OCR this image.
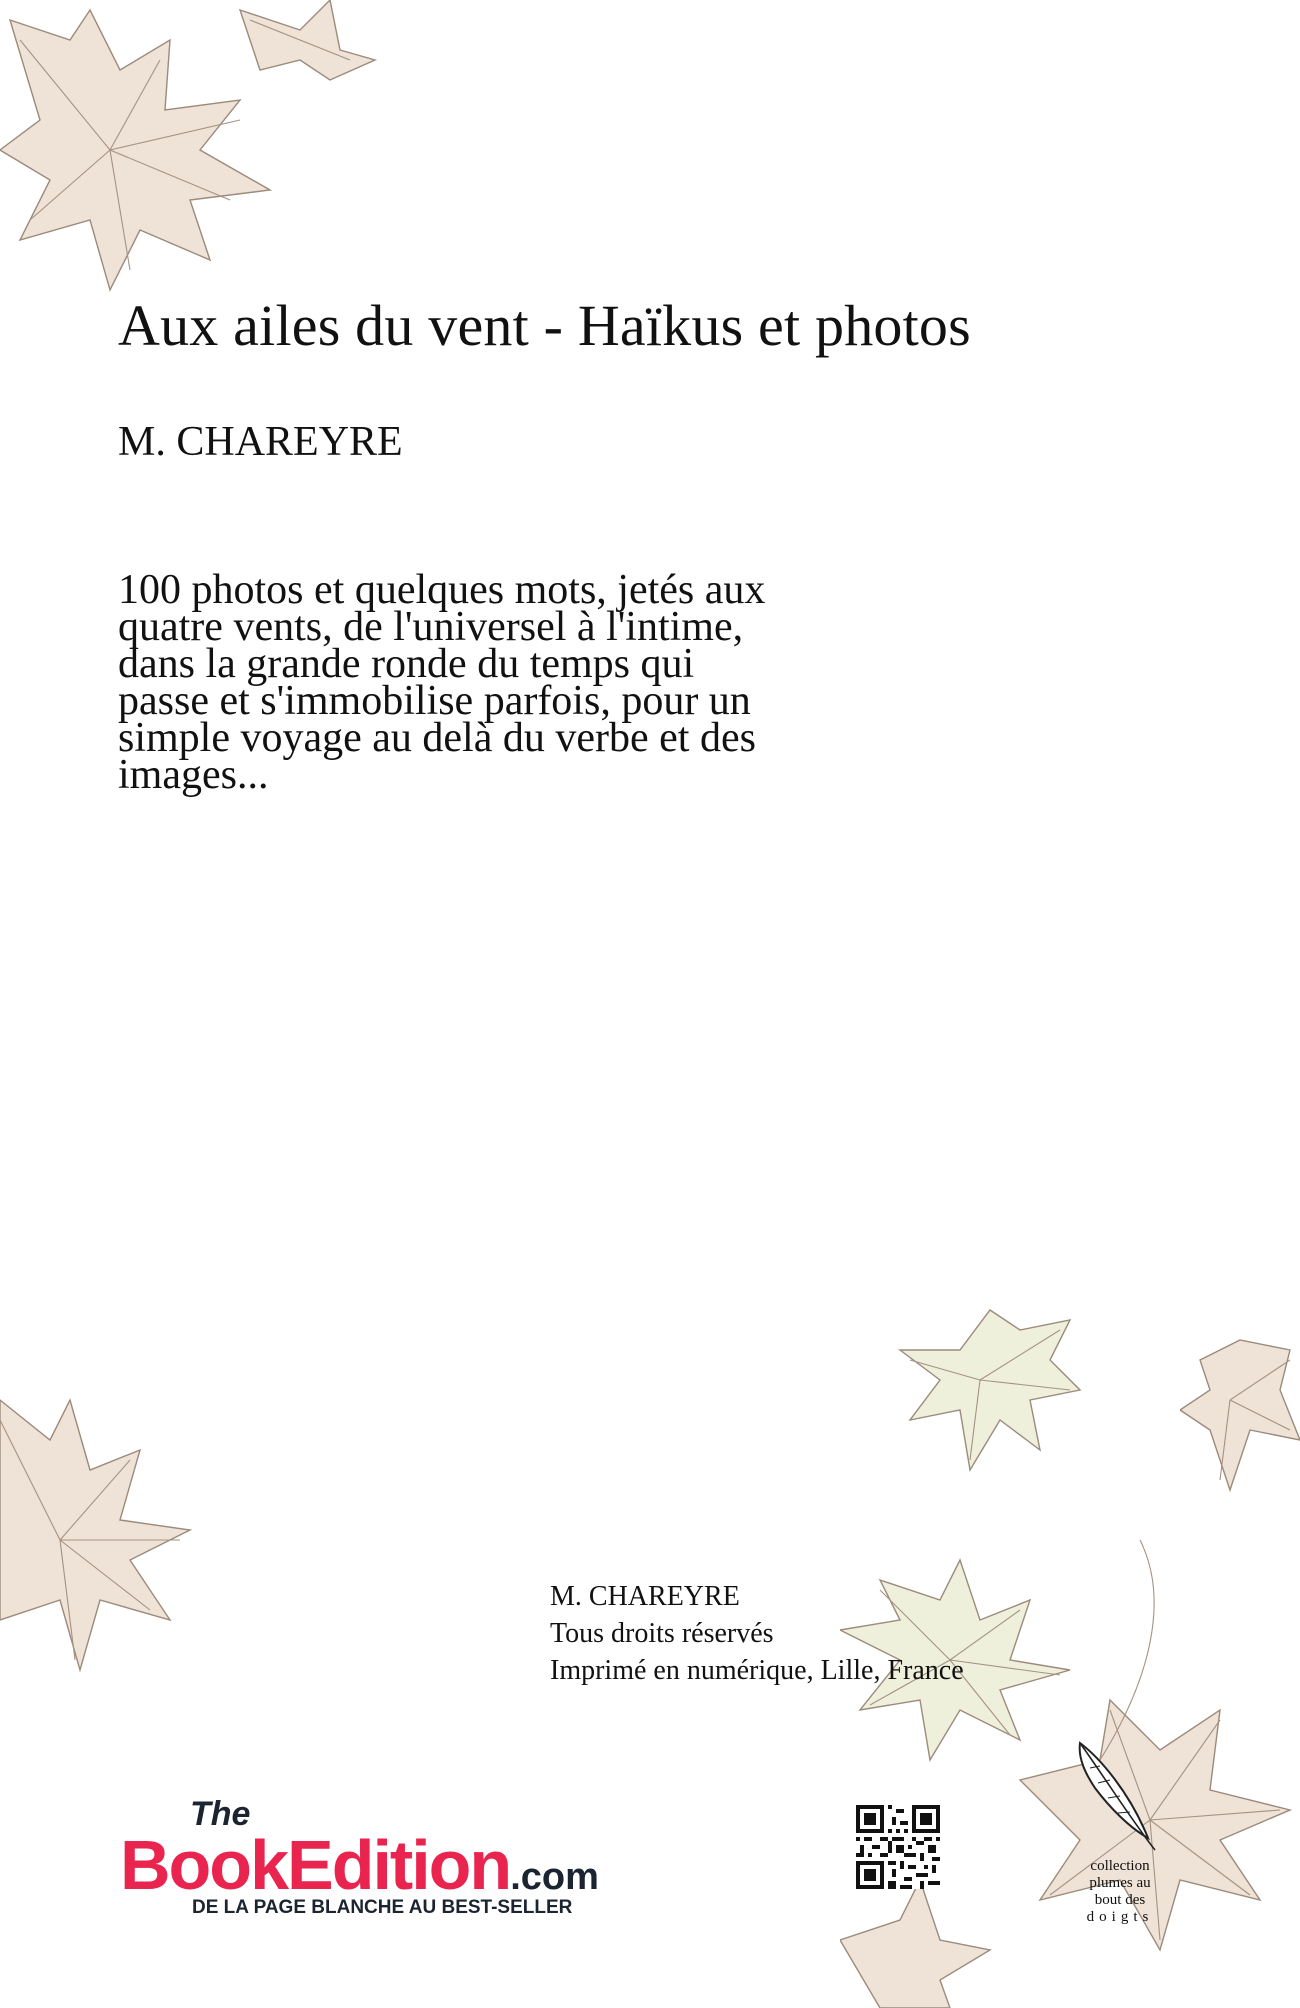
Aux ailes du vent - Haïkus et photos
M. CHAREYRE
100 photos et quelques mots, jetés aux
quatre vents, de l'universel à l'intime,
dans la grande ronde du temps qui
passe et s'immobilise parfois, pour un
simple voyage au delà du verbe et des
images...
M. CHAREYRE
Tous droits réservés
Imprimé en numérique, Lille, France
The
BookEdition.com
DE LA PAGE BLANCHE AU BEST-SELLER
collection
plumes au
bout des
doigts
